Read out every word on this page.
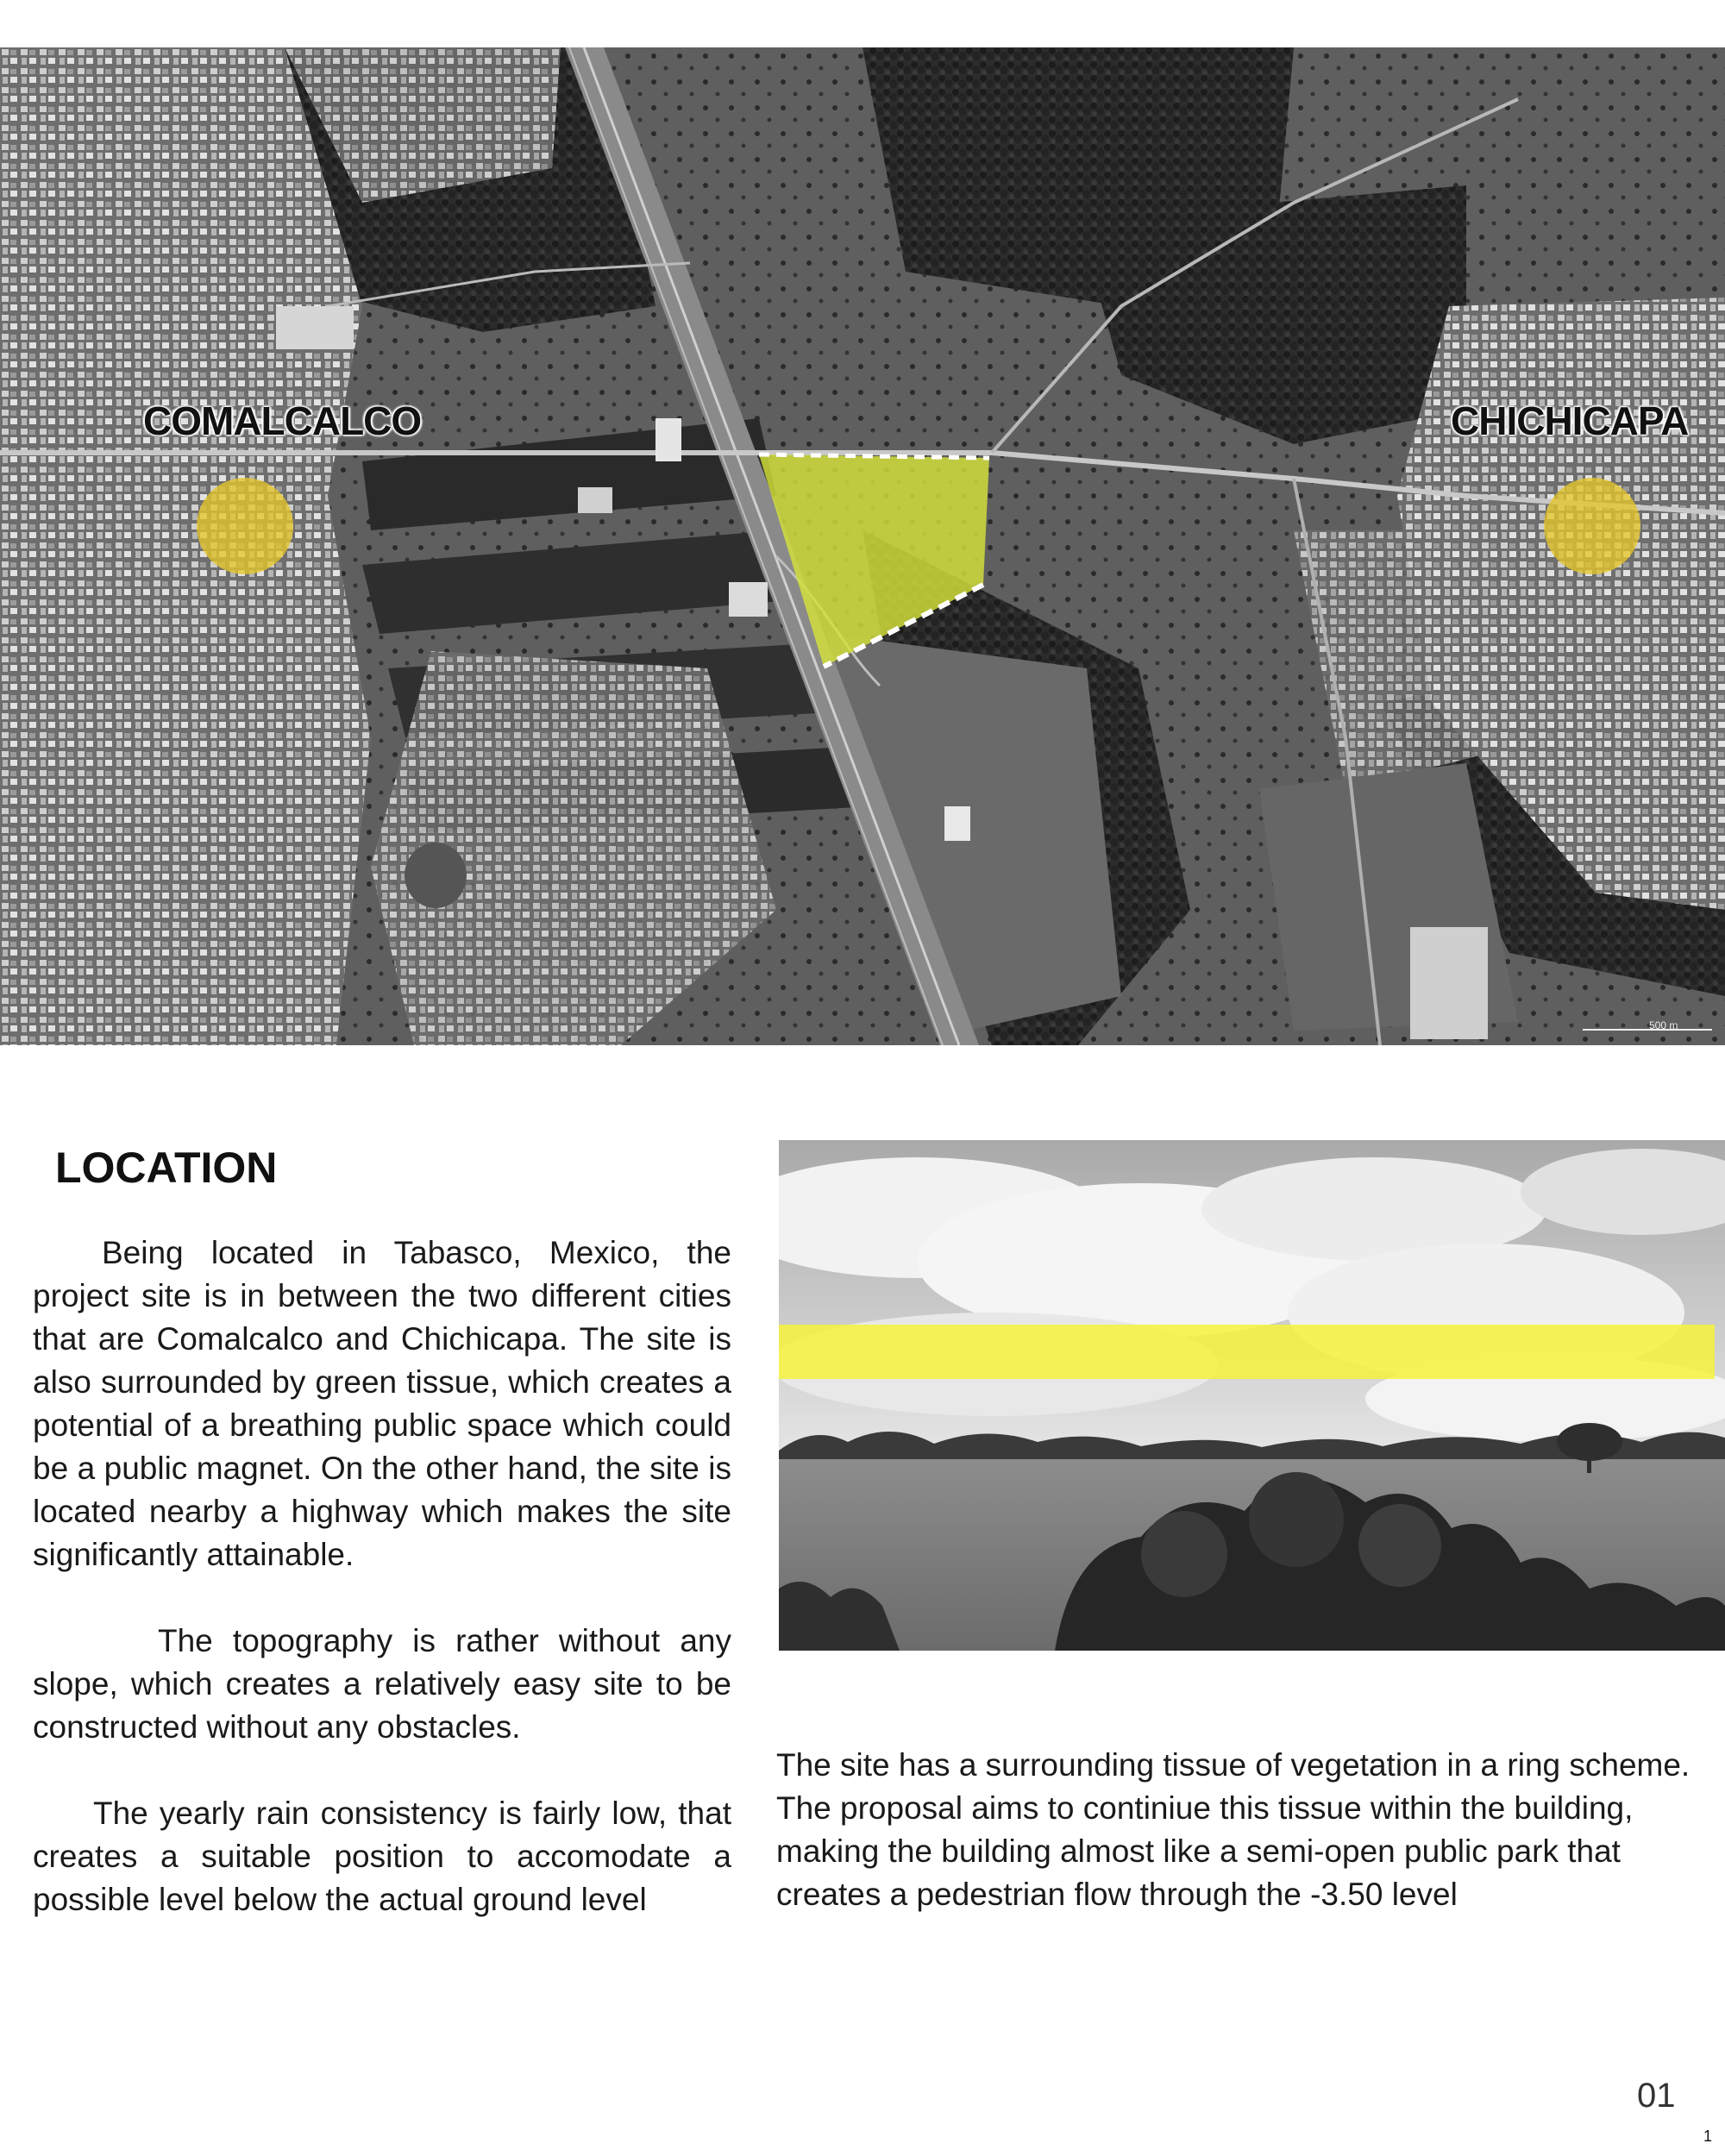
COMALCALCO	CHICHICAPA
500 m
LOCATION

Being located in Tabasco, Mexico, the project site is in between the two different cities that are Comalcalco and Chichicapa. The site is also surrounded by green tissue, which creates a potential of a breathing public space which could be a public magnet. On the other hand, the site is located nearby a highway which makes the site significantly attainable.

The topography is rather without any slope, which creates a relatively easy site to be constructed without any obstacles.

The yearly rain consistency is fairly low, that creates a suitable position to accomodate a possible level below the actual ground level

The site has a surrounding tissue of vegetation in a ring scheme. The proposal aims to continiue this tissue within the building, making the building almost like a semi-open public park that creates a pedestrian flow through the -3.50 level

01
1
